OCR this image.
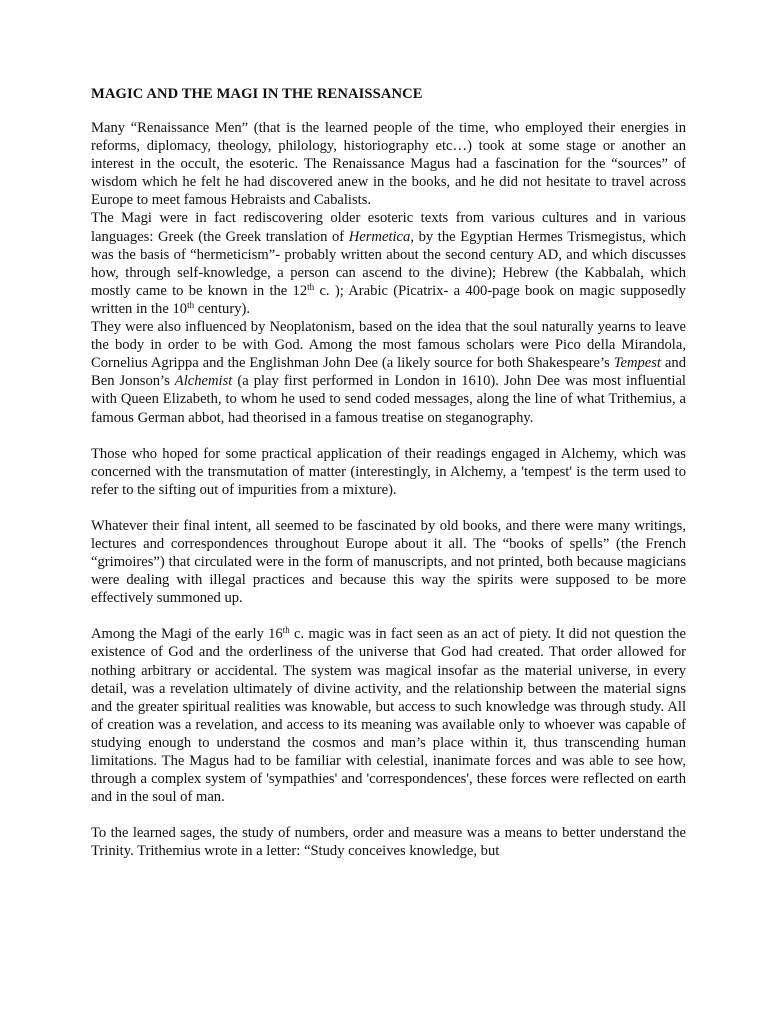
MAGIC AND THE MAGI IN THE RENAISSANCE

Many “Renaissance Men” (that is the learned people of the time, who employed their energies in reforms, diplomacy, theology, philology, historiography etc…) took at some stage or another an interest in the occult, the esoteric. The Renaissance Magus had a fascination for the “sources” of wisdom which he felt he had discovered anew in the books, and he did not hesitate to travel across Europe to meet famous Hebraists and Cabalists.

The Magi were in fact rediscovering older esoteric texts from various cultures and in various languages: Greek (the Greek translation of Hermetica, by the Egyptian Hermes Trismegistus, which was the basis of “hermeticism”- probably written about the second century AD, and which discusses how, through self-knowledge, a person can ascend to the divine); Hebrew (the Kabbalah, which mostly came to be known in the 12th c. ); Arabic (Picatrix- a 400-page book on magic supposedly written in the 10th century).

They were also influenced by Neoplatonism, based on the idea that the soul naturally yearns to leave the body in order to be with God. Among the most famous scholars were Pico della Mirandola, Cornelius Agrippa and the Englishman John Dee (a likely source for both Shakespeare’s Tempest and Ben Jonson’s Alchemist (a play first performed in London in 1610). John Dee was most influential with Queen Elizabeth, to whom he used to send coded messages, along the line of what Trithemius, a famous German abbot, had theorised in a famous treatise on steganography.

Those who hoped for some practical application of their readings engaged in Alchemy, which was concerned with the transmutation of matter (interestingly, in Alchemy, a 'tempest' is the term used to refer to the sifting out of impurities from a mixture).

Whatever their final intent, all seemed to be fascinated by old books, and there were many writings, lectures and correspondences throughout Europe about it all. The “books of spells” (the French “grimoires”) that circulated were in the form of manuscripts, and not printed, both because magicians were dealing with illegal practices and because this way the spirits were supposed to be more effectively summoned up.

Among the Magi of the early 16th c. magic was in fact seen as an act of piety. It did not question the existence of God and the orderliness of the universe that God had created. That order allowed for nothing arbitrary or accidental. The system was magical insofar as the material universe, in every detail, was a revelation ultimately of divine activity, and the relationship between the material signs and the greater spiritual realities was knowable, but access to such knowledge was through study. All of creation was a revelation, and access to its meaning was available only to whoever was capable of studying enough to understand the cosmos and man’s place within it, thus transcending human limitations. The Magus had to be familiar with celestial, inanimate forces and was able to see how, through a complex system of 'sympathies' and 'correspondences', these forces were reflected on earth and in the soul of man.

To the learned sages, the study of numbers, order and measure was a means to better understand the Trinity. Trithemius wrote in a letter: “Study conceives knowledge, but
